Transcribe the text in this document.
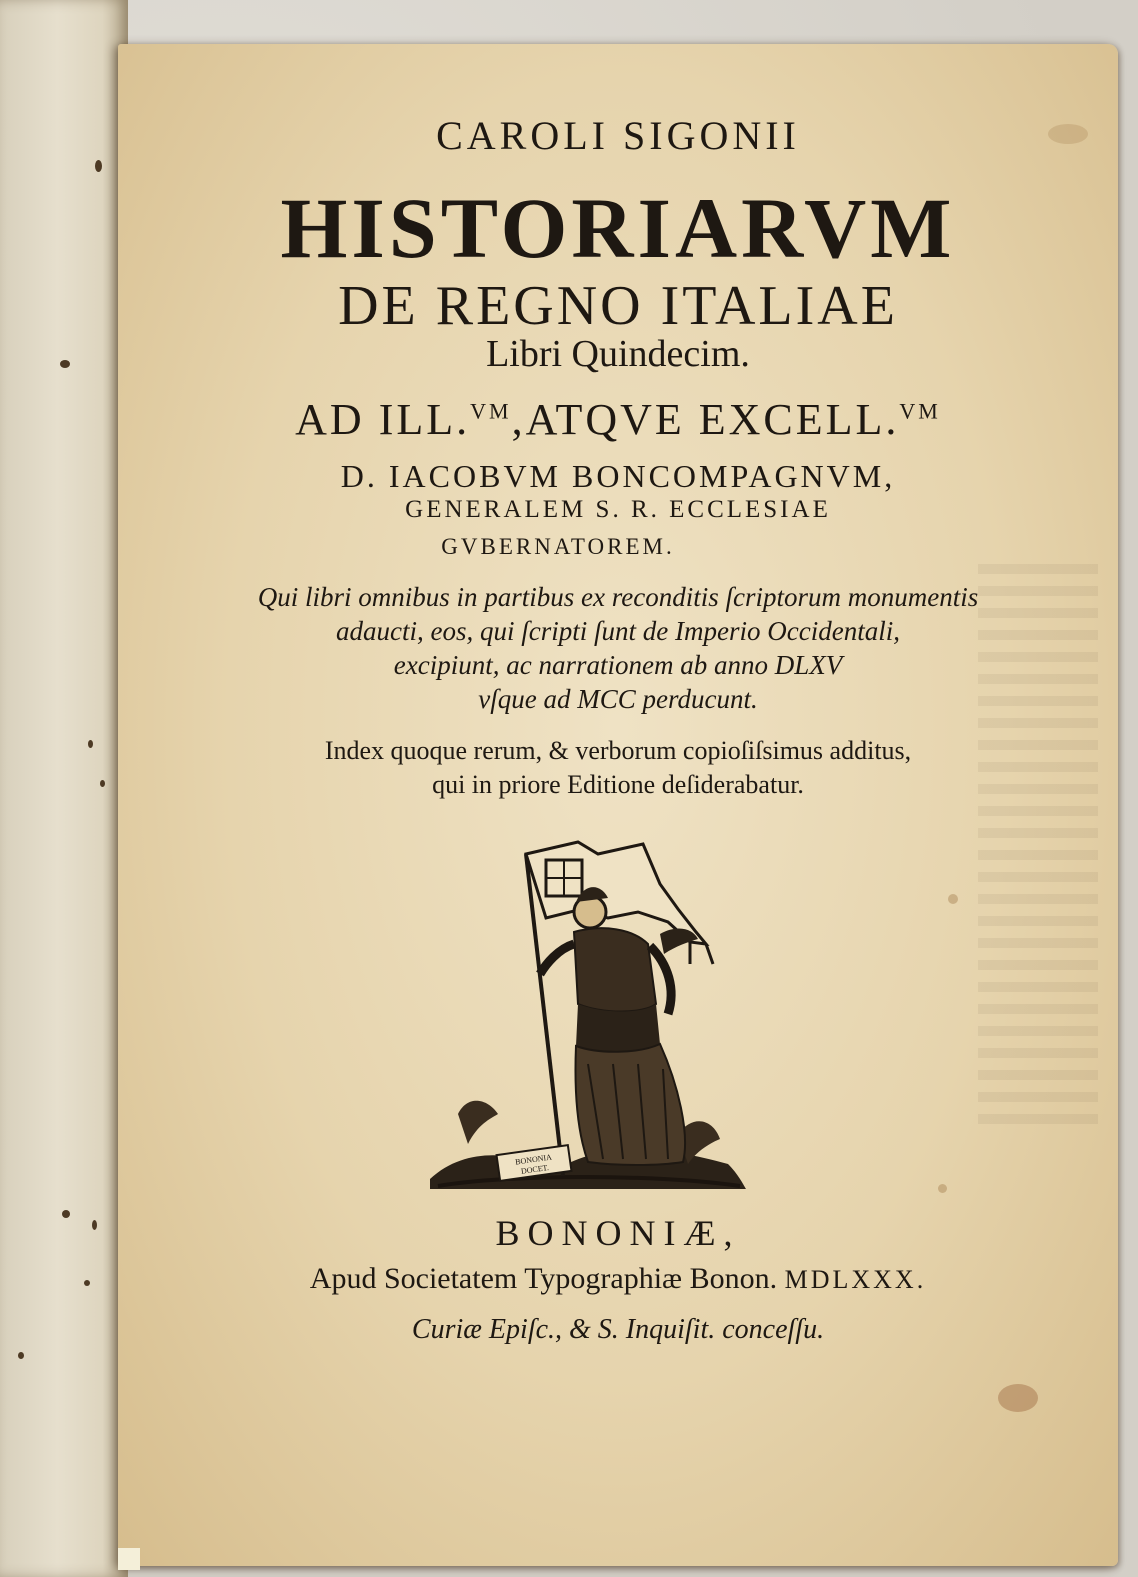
CAROLI SIGONII

HISTORIARVM

DE REGNO ITALIAE

Libri Quindecim.

AD ILL.$^{VM}$,ATQVE EXCELL.$^{VM}$

D. IACOBVM BONCOMPAGNVM,

GENERALEM S. R. ECCLESIAE

GVBERNATOREM.

Qui libri omnibus in partibus ex reconditis ſcriptorum monumentis

adaucti, eos, qui ſcripti ſunt de Imperio Occidentali,

excipiunt, ac narrationem ab anno DLXV

vſque ad MCC perducunt.

Index quoque rerum, & verborum copioſiſsimus additus,

qui in priore Editione deſiderabatur.

BONONIA
DOCET.

BONONIÆ,

Apud Societatem Typographiæ Bonon. MDLXXX.

Curiæ Epiſc., & S. Inquiſit. conceſſu.
